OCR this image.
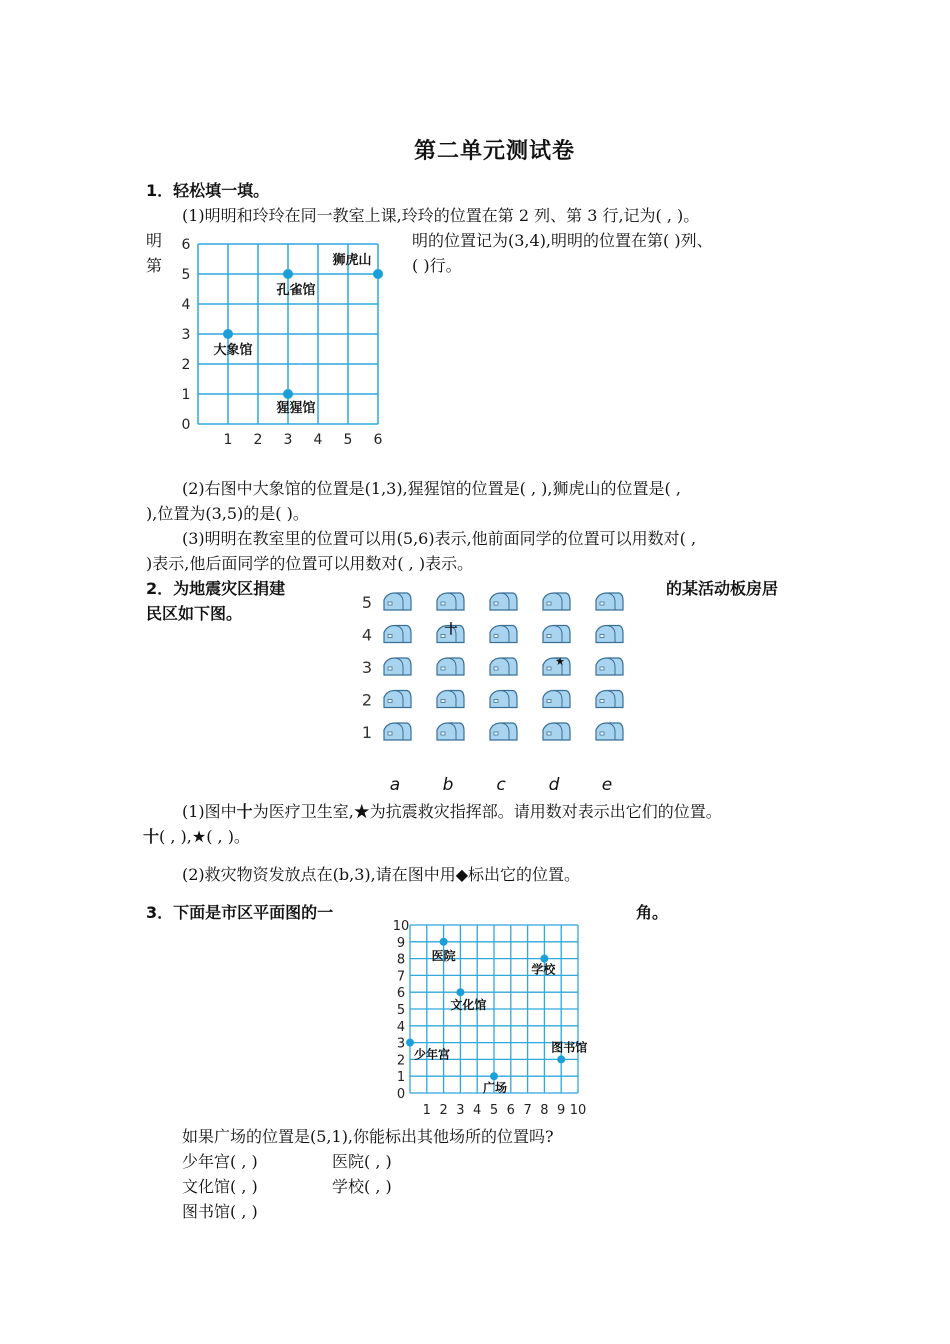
第二单元测试卷
1．轻松填一填。
(1)明明和玲玲在同一教室上课,玲玲的位置在第 2 列、第 3 行,记为( , )。
明
第
明的位置记为(3,4),明明的位置在第( )列、
( )行。
1 2 3 4 5 6
0
1
2
3
4
5
6
狮虎山
孔雀馆
大象馆
猩猩馆
(2)右图中大象馆的位置是(1,3),猩猩馆的位置是( , ),狮虎山的位置是( ,
),位置为(3,5)的是( )。
(3)明明在教室里的位置可以用(5,6)表示,他前面同学的位置可以用数对( ,
)表示,他后面同学的位置可以用数对( , )表示。
2．为地震灾区捐建	的某活动板房居
民区如下图。
1
2
3
4
5
a b	c	d e
★
十
(1)图中十为医疗卫生室,★为抗震救灾指挥部。请用数对表示出它们的位置。
十( , ),★( , )。
(2)救灾物资发放点在(b,3),请在图中用◆标出它的位置。
3．下面是市区平面图的一	角。
1 2 3 4 5 6 7 8 9 10
0
1
2
3
4
5
6
7
8
9
10
医院
学校
文化馆
少年宫
图书馆
广场
如果广场的位置是(5,1),你能标出其他场所的位置吗?
少年宫( , )	医院( , )
文化馆( , )	学校( , )
图书馆( , )
